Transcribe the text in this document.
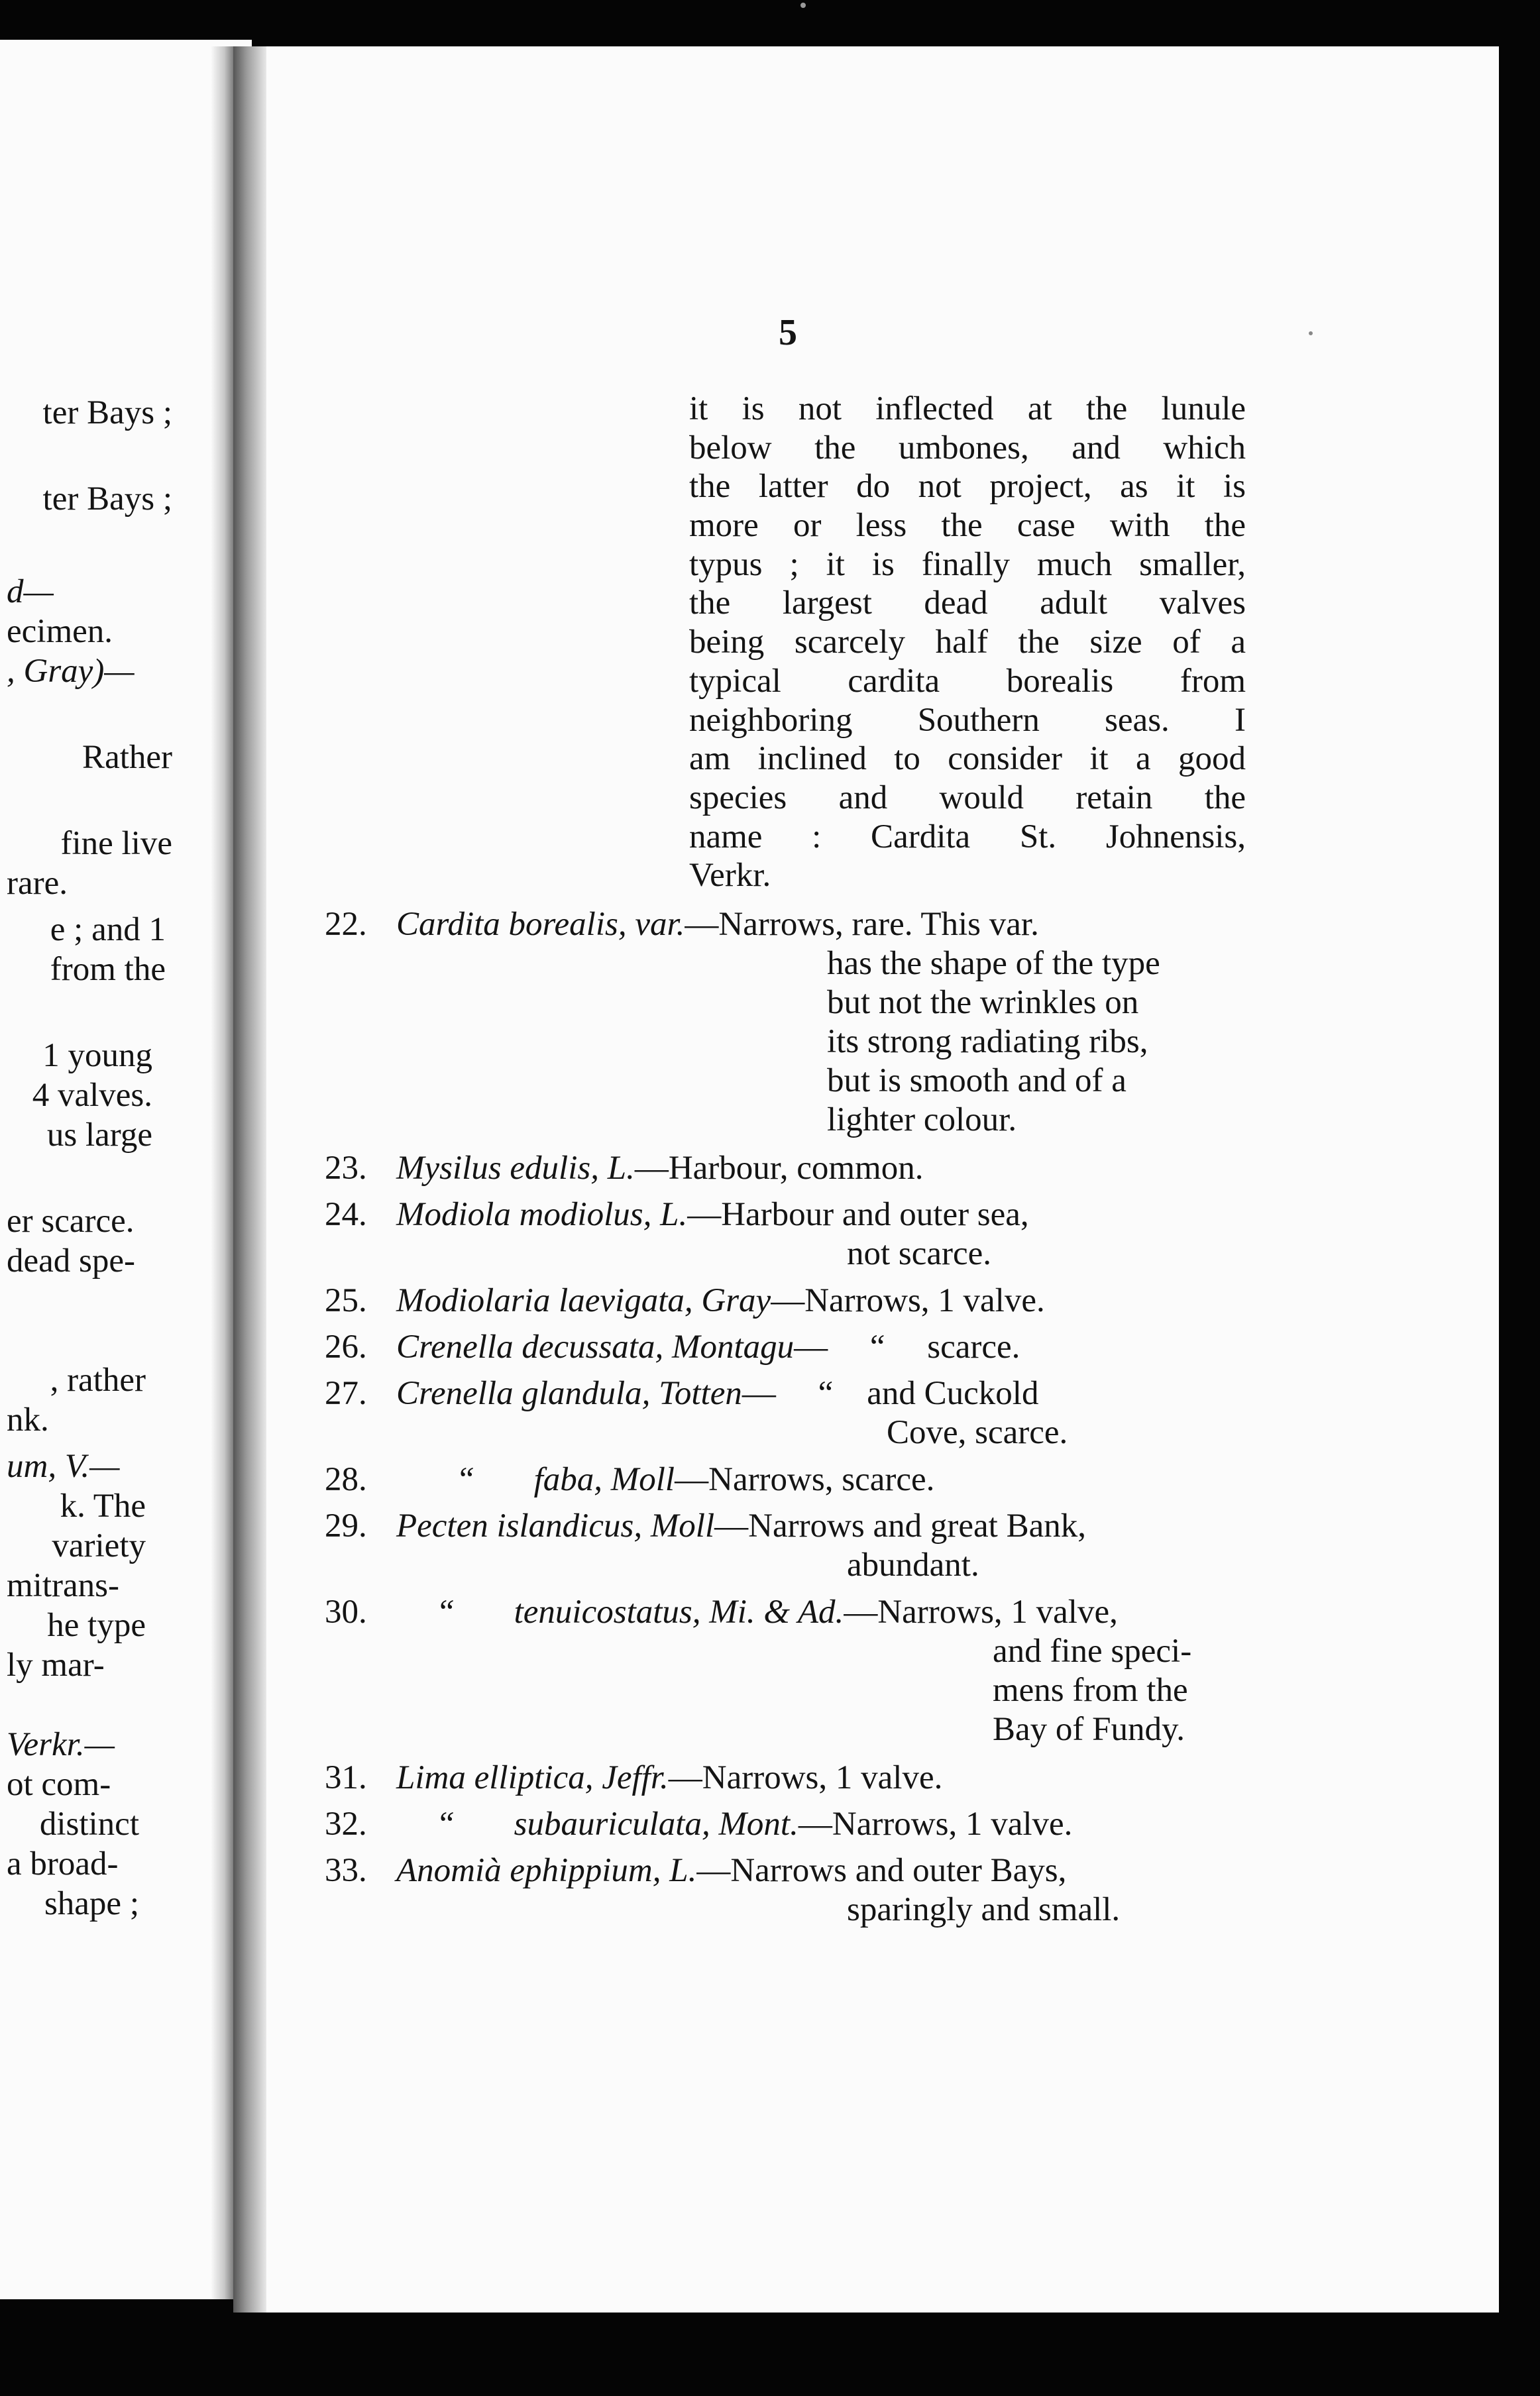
ter Bays ;
ter Bays ;
d—
ecimen.
, Gray)—
Rather
fine live
rare.
e ; and 1
from the
1 young
4 valves.
us large
er scarce.
dead spe-
, rather
nk.
um, V.—
k. The
variety
mitrans-
he type
ly mar-
Verkr.—
ot com-
distinct
a broad-
shape ;
5
it is not inflected at the lunule
below the umbones, and which
the latter do not project, as it is
more or less the case with the
typus ; it is finally much smaller,
the largest dead adult valves
being scarcely half the size of a
typical cardita borealis from
neighboring Southern seas. I
am inclined to consider it a good
species and would retain the
name : Cardita St. Johnensis,
Verkr.
22. Cardita borealis, var.—Narrows, rare. This var.
has the shape of the type
but not the wrinkles on
its strong radiating ribs,
but is smooth and of a
lighter colour.
23. Mysilus edulis, L.—Harbour, common.
24. Modiola modiolus, L.—Harbour and outer sea,
not scarce.
25. Modiolaria laevigata, Gray—Narrows, 1 valve.
26. Crenella decussata, Montagu—     “     scarce.
27. Crenella glandula, Totten—     “    and Cuckold
Cove, scarce.
28.	“       faba, Moll—Narrows, scarce.
29. Pecten islandicus, Moll—Narrows and great Bank,
abundant.
30. “       tenuicostatus, Mi. & Ad.—Narrows, 1 valve,
and fine speci-
mens from the
Bay of Fundy.
31. Lima elliptica, Jeffr.—Narrows, 1 valve.
32. “       subauriculata, Mont.—Narrows, 1 valve.
33. Anomià ephippium, L.—Narrows and outer Bays,
sparingly and small.
